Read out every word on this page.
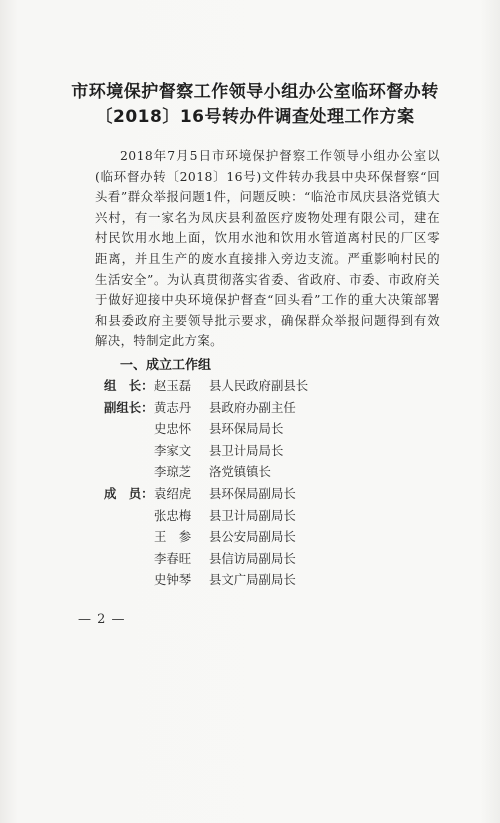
市环境保护督察工作领导小组办公室临环督办转
〔2018〕16号转办件调查处理工作方案
2018年7月5日市环境保护督察工作领导小组办公室以(临环督办转〔2018〕16号)文件转办我县中央环保督察“回头看”群众举报问题1件，问题反映：“临沧市凤庆县洛党镇大兴村，有一家名为凤庆县利盈医疗废物处理有限公司，建在村民饮用水地上面，饮用水池和饮用水管道离村民的厂区零距离，并且生产的废水直接排入旁边支流。严重影响村民的生活安全”。为认真贯彻落实省委、省政府、市委、市政府关于做好迎接中央环境保护督查“回头看”工作的重大决策部署和县委政府主要领导批示要求，确保群众举报问题得到有效解决，特制定此方案。
一、成立工作组
组　长： 赵玉磊 县人民政府副县长
副组长： 黄志丹 县政府办副主任
史忠怀 县环保局局长
李家文 县卫计局局长
李琼芝 洛党镇镇长
成　员： 袁绍虎 县环保局副局长
张忠梅 县卫计局副局长
王　参 县公安局副局长
李春旺 县信访局副局长
史钟琴 县文广局副局长
— 2 —
